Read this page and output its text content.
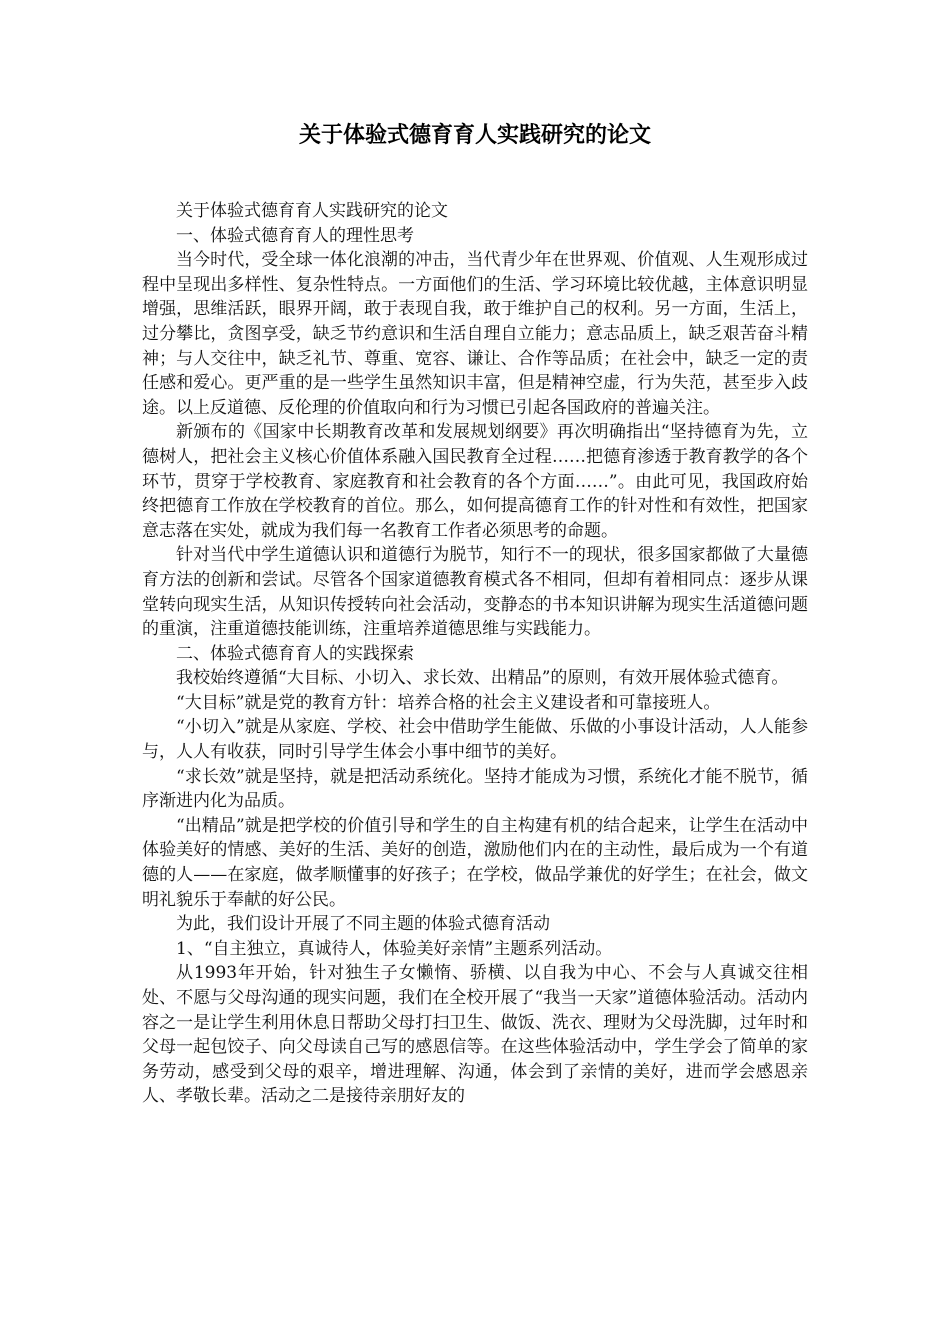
关于体验式德育育人实践研究的论文

关于体验式德育育人实践研究的论文

一、体验式德育育人的理性思考

当今时代，受全球一体化浪潮的冲击，当代青少年在世界观、价值观、人生观形成过程中呈现出多样性、复杂性特点。一方面他们的生活、学习环境比较优越，主体意识明显增强，思维活跃，眼界开阔，敢于表现自我，敢于维护自己的权利。另一方面，生活上，过分攀比，贪图享受，缺乏节约意识和生活自理自立能力；意志品质上，缺乏艰苦奋斗精神；与人交往中，缺乏礼节、尊重、宽容、谦让、合作等品质；在社会中，缺乏一定的责任感和爱心。更严重的是一些学生虽然知识丰富，但是精神空虚，行为失范，甚至步入歧途。以上反道德、反伦理的价值取向和行为习惯已引起各国政府的普遍关注。

新颁布的《国家中长期教育改革和发展规划纲要》再次明确指出“坚持德育为先，立德树人，把社会主义核心价值体系融入国民教育全过程……把德育渗透于教育教学的各个环节，贯穿于学校教育、家庭教育和社会教育的各个方面……”。由此可见，我国政府始终把德育工作放在学校教育的首位。那么，如何提高德育工作的针对性和有效性，把国家意志落在实处，就成为我们每一名教育工作者必须思考的命题。

针对当代中学生道德认识和道德行为脱节，知行不一的现状，很多国家都做了大量德育方法的创新和尝试。尽管各个国家道德教育模式各不相同，但却有着相同点：逐步从课堂转向现实生活，从知识传授转向社会活动，变静态的书本知识讲解为现实生活道德问题的重演，注重道德技能训练，注重培养道德思维与实践能力。

二、体验式德育育人的实践探索

我校始终遵循“大目标、小切入、求长效、出精品”的原则，有效开展体验式德育。

“大目标”就是党的教育方针：培养合格的社会主义建设者和可靠接班人。

“小切入”就是从家庭、学校、社会中借助学生能做、乐做的小事设计活动，人人能参与，人人有收获，同时引导学生体会小事中细节的美好。

“求长效”就是坚持，就是把活动系统化。坚持才能成为习惯，系统化才能不脱节，循序渐进内化为品质。

“出精品”就是把学校的价值引导和学生的自主构建有机的结合起来，让学生在活动中体验美好的情感、美好的生活、美好的创造，激励他们内在的主动性，最后成为一个有道德的人——在家庭，做孝顺懂事的好孩子；在学校，做品学兼优的好学生；在社会，做文明礼貌乐于奉献的好公民。

为此，我们设计开展了不同主题的体验式德育活动

1、“自主独立，真诚待人，体验美好亲情”主题系列活动。

从1993年开始，针对独生子女懒惰、骄横、以自我为中心、不会与人真诚交往相处、不愿与父母沟通的现实问题，我们在全校开展了“我当一天家”道德体验活动。活动内容之一是让学生利用休息日帮助父母打扫卫生、做饭、洗衣、理财为父母洗脚，过年时和父母一起包饺子、向父母读自己写的感恩信等。在这些体验活动中，学生学会了简单的家务劳动，感受到父母的艰辛，增进理解、沟通，体会到了亲情的美好，进而学会感恩亲人、孝敬长辈。活动之二是接待亲朋好友的
